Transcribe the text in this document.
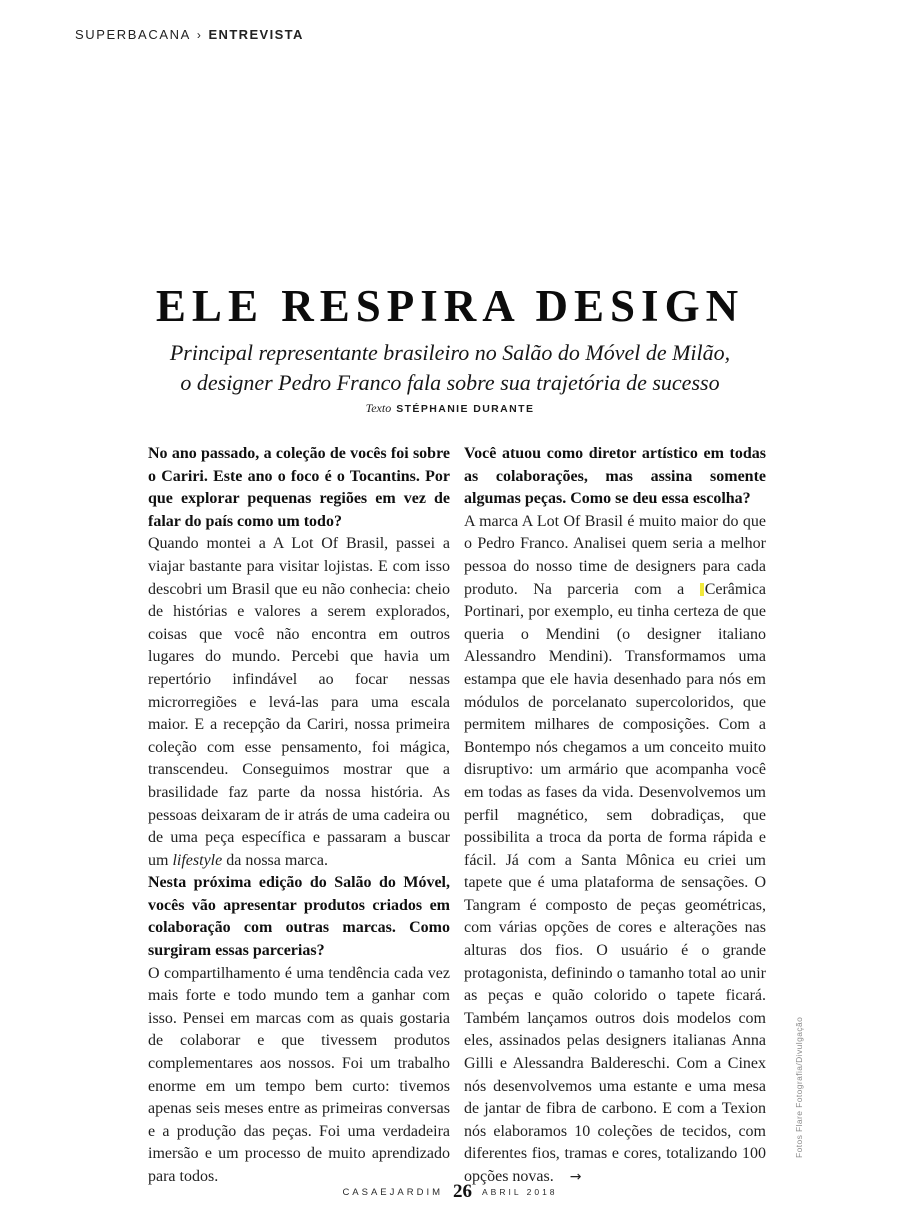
SUPERBACANA › ENTREVISTA
ELE RESPIRA DESIGN
Principal representante brasileiro no Salão do Móvel de Milão,
o designer Pedro Franco fala sobre sua trajetória de sucesso
Texto STÉPHANIE DURANTE

No ano passado, a coleção de vocês foi sobre o Cariri. Este ano o foco é o Tocantins. Por que explorar pequenas regiões em vez de falar do país como um todo?

Quando montei a A Lot Of Brasil, passei a viajar bastante para visitar lojistas. E com isso descobri um Brasil que eu não conhecia: cheio de histórias e valores a serem explorados, coisas que você não encontra em outros lugares do mundo. Percebi que havia um repertório infindável ao focar nessas microrregiões e levá-las para uma escala maior. E a recepção da Cariri, nossa primeira coleção com esse pensamento, foi mágica, transcendeu. Conseguimos mostrar que a brasilidade faz parte da nossa história. As pessoas deixaram de ir atrás de uma cadeira ou de uma peça específica e passaram a buscar um lifestyle da nossa marca.

Nesta próxima edição do Salão do Móvel, vocês vão apresentar produtos criados em colaboração com outras marcas. Como surgiram essas parcerias?

O compartilhamento é uma tendência cada vez mais forte e todo mundo tem a ganhar com isso. Pensei em marcas com as quais gostaria de colaborar e que tivessem produtos complementares aos nossos. Foi um trabalho enorme em um tempo bem curto: tivemos apenas seis meses entre as primeiras conversas e a produção das peças. Foi uma verdadeira imersão e um processo de muito aprendizado para todos.

Você atuou como diretor artístico em todas as colaborações, mas assina somente algumas peças. Como se deu essa escolha?

A marca A Lot Of Brasil é muito maior do que o Pedro Franco. Analisei quem seria a melhor pessoa do nosso time de designers para cada produto. Na parceria com a Cerâmica Portinari, por exemplo, eu tinha certeza de que queria o Mendini (o designer italiano Alessandro Mendini). Transformamos uma estampa que ele havia desenhado para nós em módulos de porcelanato supercoloridos, que permitem milhares de composições. Com a Bontempo nós chegamos a um conceito muito disruptivo: um armário que acompanha você em todas as fases da vida. Desenvolvemos um perfil magnético, sem dobradiças, que possibilita a troca da porta de forma rápida e fácil. Já com a Santa Mônica eu criei um tapete que é uma plataforma de sensações. O Tangram é composto de peças geométricas, com várias opções de cores e alterações nas alturas dos fios. O usuário é o grande protagonista, definindo o tamanho total ao unir as peças e quão colorido o tapete ficará. Também lançamos outros dois modelos com eles, assinados pelas designers italianas Anna Gilli e Alessandra Baldereschi. Com a Cinex nós desenvolvemos uma estante e uma mesa de jantar de fibra de carbono. E com a Texion nós elaboramos 10 coleções de tecidos, com diferentes fios, tramas e cores, totalizando 100 opções novas. →

Fotos Flare Fotografia/Divulgação
CASAEJARDIM 26 ABRIL 2018
